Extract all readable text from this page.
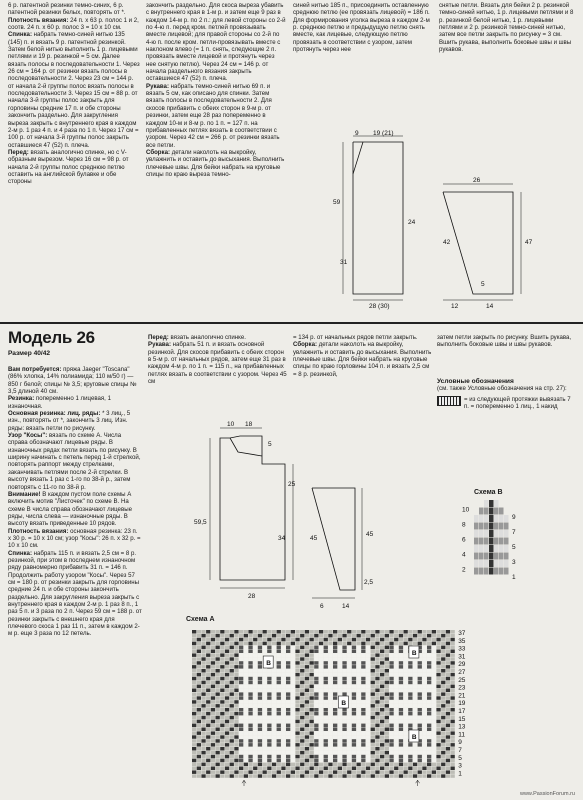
6 р. патентной резинки темно-синих, 6 р. патентной резинки белых, повторять от *.

Плотность вязания: 24 п. х 63 р. полос 1 и 2, соотв. 24 п. х 60 р. полос 3 = 10 х 10 см.

Спинка: набрать темно-синей нитью 135 (145) п. и вязать 9 р. патентной резинкой. Затем белой нитью выполнить 1 р. лицевыми петлями и 19 р. резинкой = 5 см. Далее вязать полосы в последовательности 1. Через 26 см = 164 р. от резинки вязать полосы в последовательности 2. Через 23 см = 144 р. от начала 2-й группы полос вязать полосы в последовательности 3. Через 15 см = 88 р. от начала 3-й группы полос закрыть для горловины средние 17 п. и обе стороны закончить раздельно. Для закругления выреза закрыть с внутреннего края в каждом 2-м р. 1 раз 4 п. и 4 раза по 1 п. Через 17 см = 100 р. от начала 3-й группы полос закрыть оставшиеся 47 (52) п. плеча.

Перед: вязать аналогично спинке, но с V-образным вырезом. Через 16 см = 98 р. от начала 2-й группы полос среднюю петлю оставить на английской булавке и обе стороны

закончить раздельно. Для скоса выреза убавить с внутреннего края в 1-м р. и затем еще 9 раз в каждом 14-м р. по 2 п.: для левой стороны со 2-й по 4-ю п. перед кром. петлей провязывать вместе лицевой; для правой стороны со 2-й по 4-ю п. после кром. петли-провязывать вместе с наклоном влево (= 1 п. снять, следующие 2 п. провязать вместе лицевой и протянуть через нее снятую петлю). Через 24 см = 146 р. от начала раздельного вязания закрыть оставшиеся 47 (52) п. плеча.

Рукава: набрать темно-синей нитью 69 п. и вязать 5 см, как описано для спинки. Затем вязать полосы в последовательности 2. Для скосов прибавить с обеих сторон в 9-м р. от резинки, затем еще 28 раз попеременно в каждом 10-м и 8-м р. по 1 п. = 127 п. на прибавленных петлях вязать в соответствии с узором. Через 42 см = 266 р. от резинки вязать все петли.

Сборка: детали наколоть на выкройку, увлажнить и оставить до высыхания. Выполнить плечевые швы. Для бейки набрать на круговые спицы по краю выреза темно-

синей нитью 185 п., присоединить оставленную среднюю петлю (ее провязать лицевой) = 186 п. Для формирования уголка выреза в каждом 2-м р. среднюю петлю и предыдущую петлю снять вместе, как лицевые, следующую петлю провязать в соответствии с узором, затем протянуть через нее

снятые петли. Вязать для бейки 2 р. резинкой темно-синей нитью, 1 р. лицевыми петлями и 8 р. резинкой белой нитью, 1 р. лицевыми петлями и 2 р. резинкой темно-синей нитью, затем все петли закрыть по рисунку = 3 см. Вшить рукава, выполнить боковые швы и швы рукавов.

9 19 (21)
59
24
31
28 (30)
26
42	47
5
12	14
Модель 26
Размер 40/42

Вам потребуется: пряжа Jaeger "Toscana" (86% хлопка, 14% полиамида; 110 м/50 г) — 850 г белой; спицы № 3,5; круговые спицы № 3,5 длиной 40 см.

Резинка: попеременно 1 лицевая, 1 изнаночная.

Основная резинка: лиц. ряды: * 3 лиц., 5 изн., повторять от *, закончить 3 лиц. Изн. ряды: вязать петли по рисунку.

Узор "Косы": вязать по схеме А. Числа справа обозначают лицевые ряды. В изнаночных рядах петли вязать по рисунку. В ширину начинать с петель перед 1-й стрелкой, повторять раппорт между стрелками, заканчивать петлями после 2-й стрелки. В высоту вязать 1 раз с 1-го по 38-й р., затем повторять с 11-го по 38-й р.

Внимание! В каждом пустом поле схемы А включить мотив "Листочек" по схеме В. На схеме В числа справа обозначают лицевые ряды, числа слева — изнаночные ряды. В высоту вязать приведенные 10 рядов.

Плотность вязания: основная резинка: 23 п. х 30 р. = 10 х 10 см; узор "Косы": 26 п. х 32 р. = 10 х 10 см.

Спинка: набрать 115 п. и вязать 2,5 см = 8 р. резинкой, при этом в последнем изнаночном ряду равномерно прибавить 31 п. = 146 п. Продолжить работу узором "Косы". Через 57 см = 180 р. от резинки закрыть для горловины средние 24 п. и обе стороны закончить раздельно. Для закругления выреза закрыть с внутреннего края в каждом 2-м р. 1 раз 8 п., 1 раз 5 п. и 3 раза по 2 п. Через 59 см = 188 р. от резинки закрыть с внешнего края для плечевого скоса 1 раз 11 п., затем в каждом 2-м р. еще 3 раза по 12 петель.

Перед: вязать аналогично спинке.

Рукава: набрать 51 п. и вязать основной резинкой. Для скосов прибавить с обеих сторон в 5-м р. от начальных рядов, затем еще 31 раз в каждом 4-м р. по 1 п. = 115 п., на прибавленных петлях вязать в соответствии с узором. Через 45 см

= 134 р. от начальных рядов петли закрыть.

Сборка: детали наколоть на выкройку, увлажнить и оставить до высыхания. Выполнить плечевые швы. Для бейки набрать на круговые спицы по краю горловины 104 п. и вязать 2,5 см = 8 р. резинкой,

затем петли закрыть по рисунку. Вшить рукава, выполнить боковые швы и швы рукавов.

Условные обозначения

(см. также Условные обозначения на стр. 27):

= из следующей протяжки вывязать 7 п. = попеременно 1 лиц., 1 накид
10 18
5
59,5
25
34
28
45
45
2,5
6	14
Схема В
10
8
6
4
2
9
7
5
3
1
Схема А
37
35
33
31
29
27
25
23
21
19
17
15
13
11
9
7
5
3
1
В
В
В
В
www.PassionForum.ru
